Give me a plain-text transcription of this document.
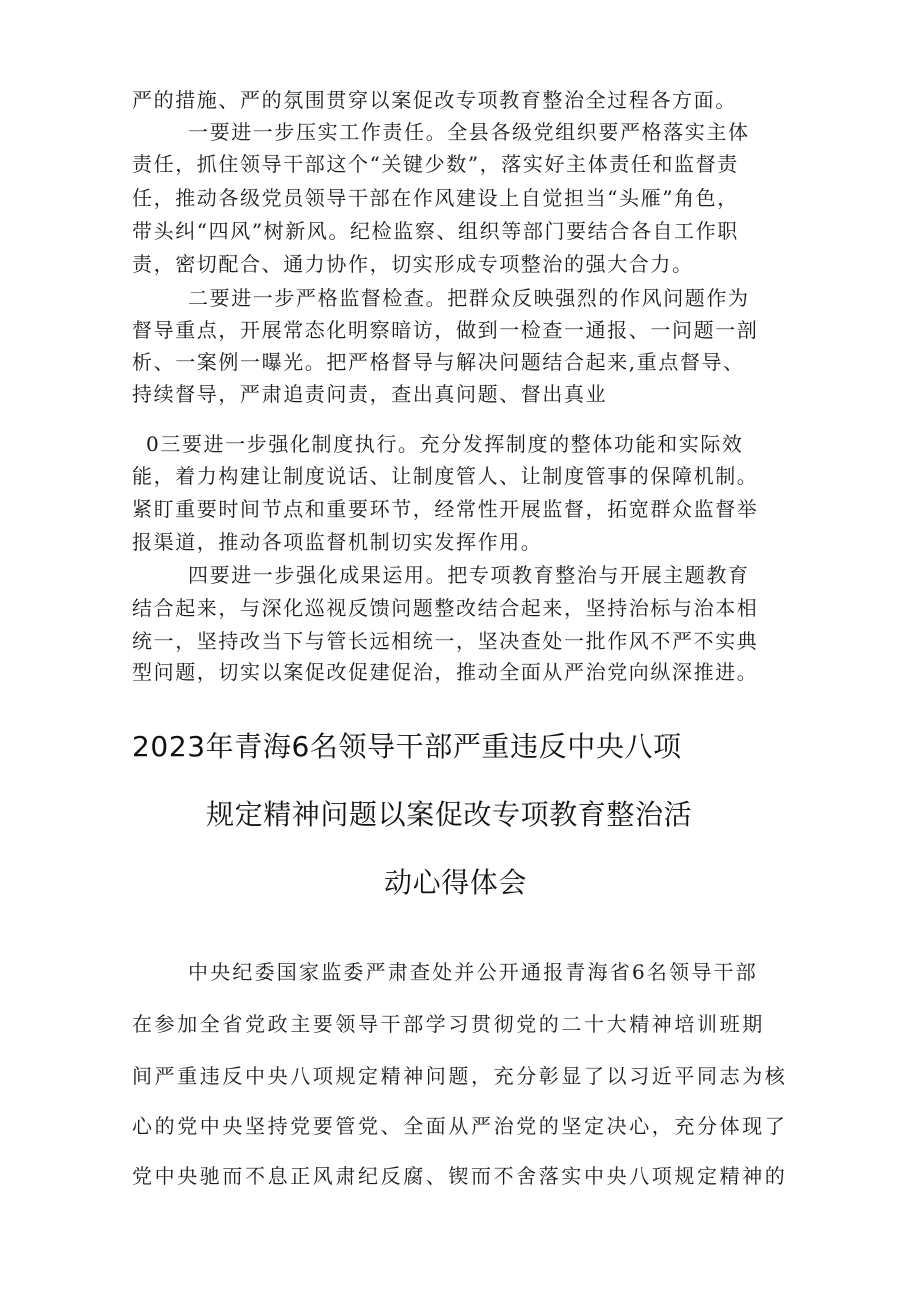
严的措施、严的氛围贯穿以案促改专项教育整治全过程各方面。
一要进一步压实工作责任。全县各级党组织要严格落实主体
责任，抓住领导干部这个“关键少数”，落实好主体责任和监督责
任，推动各级党员领导干部在作风建设上自觉担当“头雁”角色，
带头纠“四风”树新风。纪检监察、组织等部门要结合各自工作职
责，密切配合、通力协作，切实形成专项整治的强大合力。
二要进一步严格监督检查。把群众反映强烈的作风问题作为
督导重点，开展常态化明察暗访，做到一检查一通报、一问题一剖
析、一案例一曝光。把严格督导与解决问题结合起来,重点督导、
持续督导，严肃追责问责，查出真问题、督出真业
0三要进一步强化制度执行。充分发挥制度的整体功能和实际效
能，着力构建让制度说话、让制度管人、让制度管事的保障机制。
紧盯重要时间节点和重要环节，经常性开展监督，拓宽群众监督举
报渠道，推动各项监督机制切实发挥作用。
四要进一步强化成果运用。把专项教育整治与开展主题教育
结合起来，与深化巡视反馈问题整改结合起来，坚持治标与治本相
统一，坚持改当下与管长远相统一，坚决查处一批作风不严不实典
型问题，切实以案促改促建促治，推动全面从严治党向纵深推进。
2023年青海6名领导干部严重违反中央八项
规定精神问题以案促改专项教育整治活
动心得体会
中央纪委国家监委严肃查处并公开通报青海省6名领导干部
在参加全省党政主要领导干部学习贯彻党的二十大精神培训班期
间严重违反中央八项规定精神问题，充分彰显了以习近平同志为核
心的党中央坚持党要管党、全面从严治党的坚定决心，充分体现了
党中央驰而不息正风肃纪反腐、锲而不舍落实中央八项规定精神的
